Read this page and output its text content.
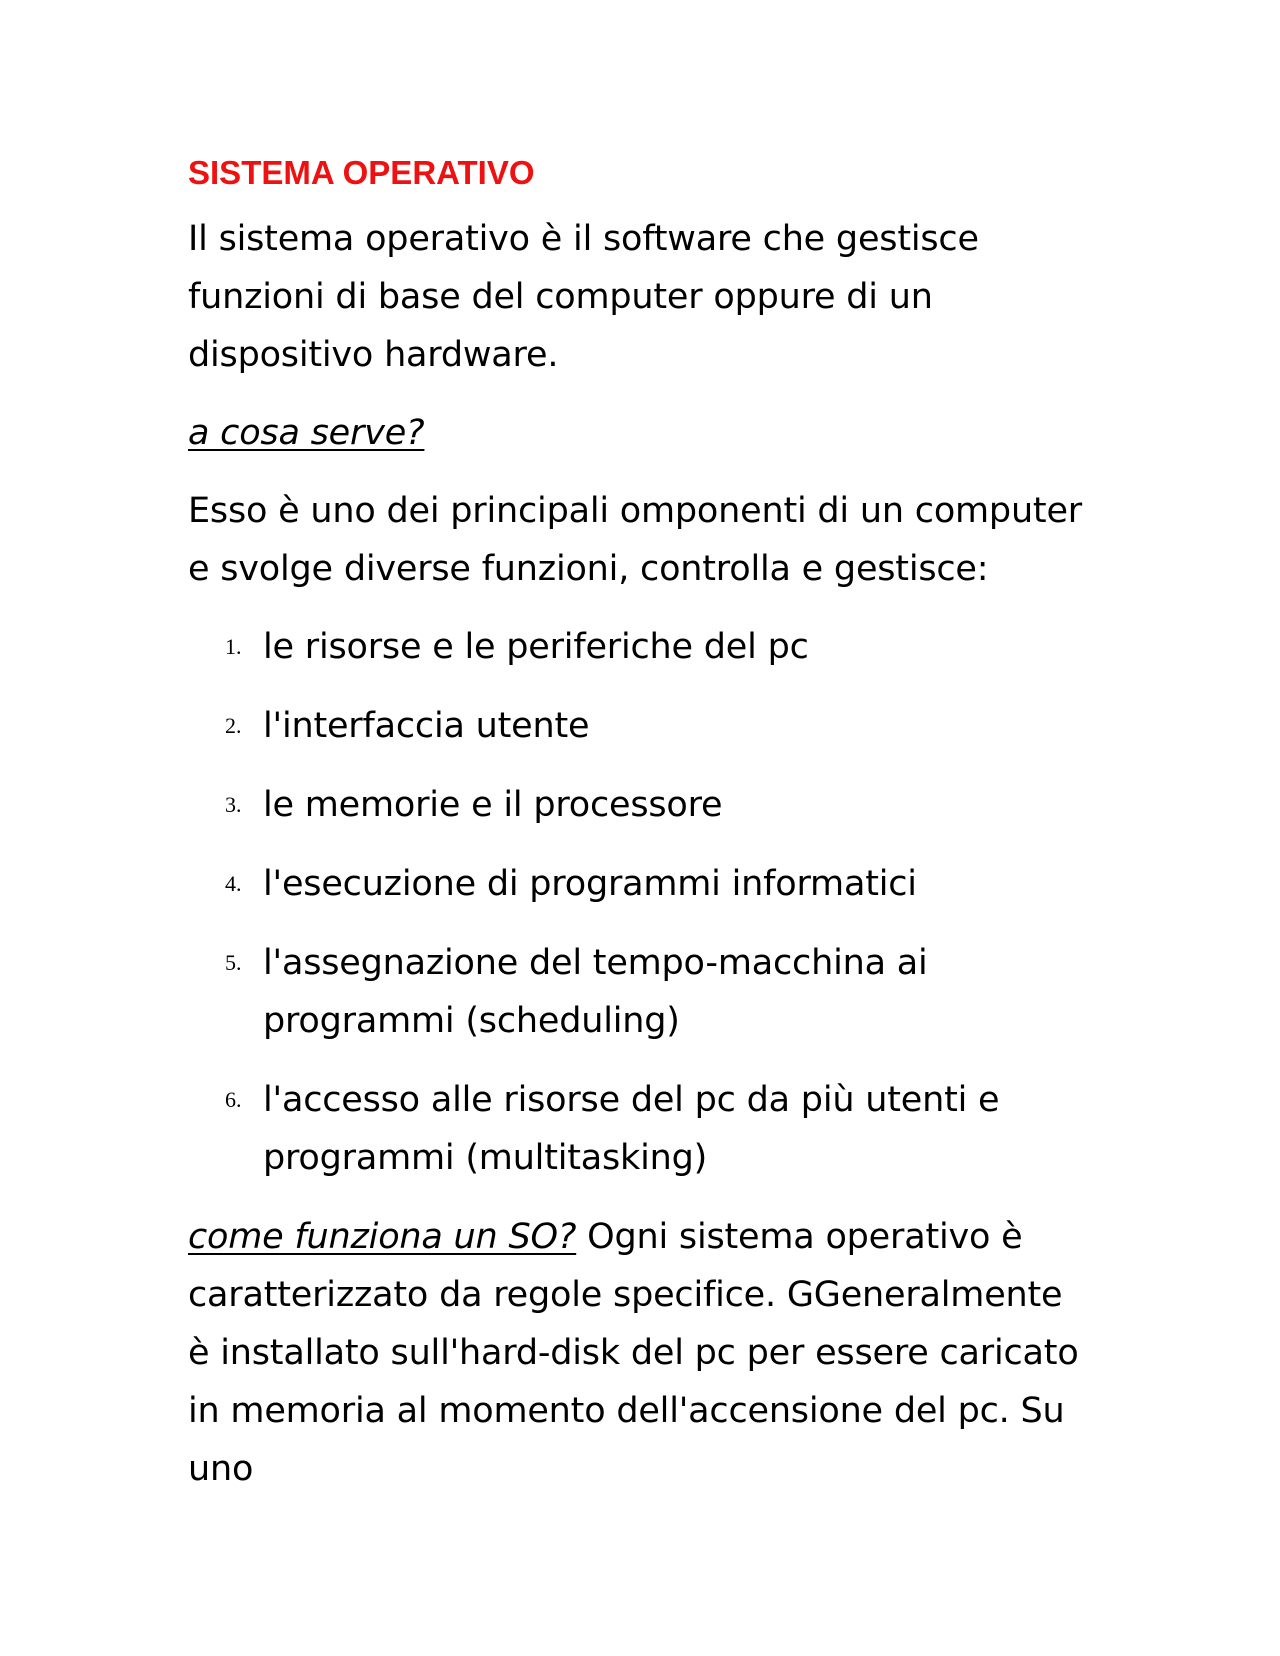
SISTEMA OPERATIVO

Il sistema operativo è il software che gestisce funzioni di base del computer oppure di un dispositivo hardware.

a cosa serve?

Esso è uno dei principali omponenti di un computer e svolge diverse funzioni, controlla e gestisce:

1. le risorse e le periferiche del pc
2. l'interfaccia utente
3. le memorie e il processore
4. l'esecuzione di programmi informatici
5. l'assegnazione del tempo-macchina ai programmi (scheduling)
6. l'accesso alle risorse del pc da più utenti e programmi (multitasking)

come funziona un SO? Ogni sistema operativo è caratterizzato da regole specifice. GGeneralmente è installato sull'hard-disk del pc per essere caricato in memoria al momento dell'accensione del pc. Su uno
